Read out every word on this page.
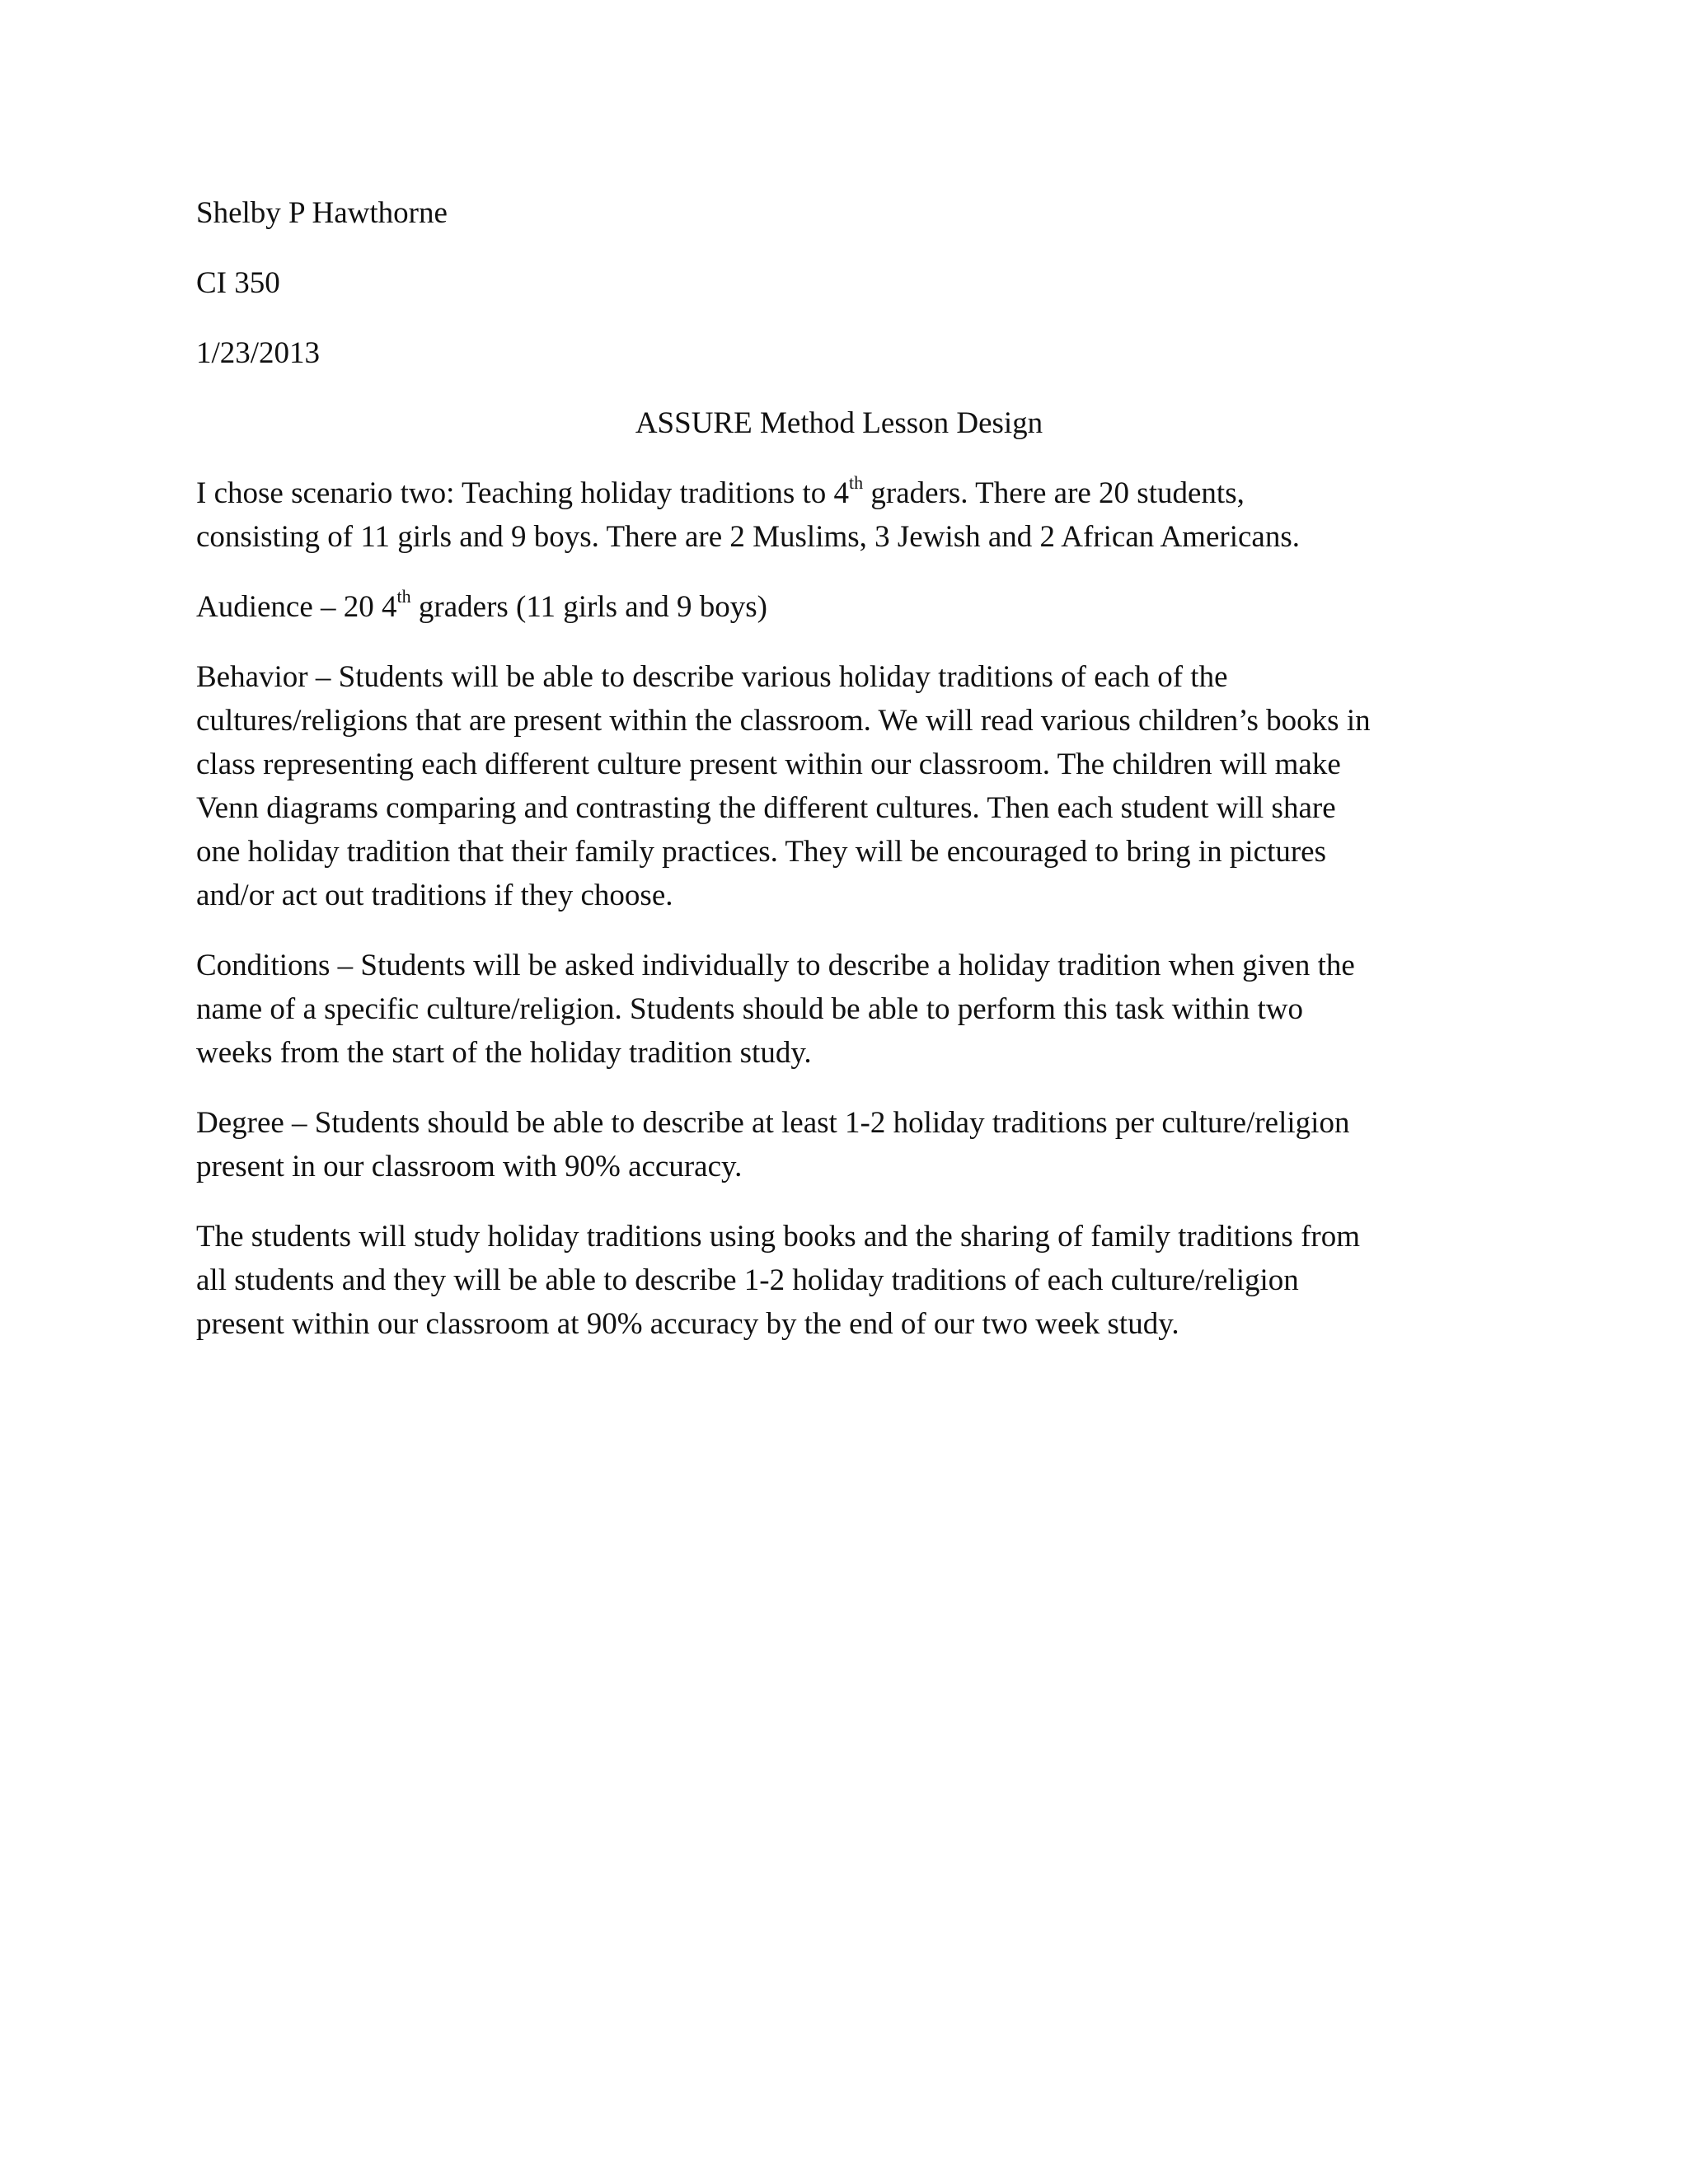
Shelby P Hawthorne
CI 350
1/23/2013
ASSURE Method Lesson Design
I chose scenario two: Teaching holiday traditions to 4th graders. There are 20 students,
consisting of 11 girls and 9 boys. There are 2 Muslims, 3 Jewish and 2 African Americans.
Audience – 20 4th graders (11 girls and 9 boys)
Behavior – Students will be able to describe various holiday traditions of each of the
cultures/religions that are present within the classroom. We will read various children’s books in
class representing each different culture present within our classroom. The children will make
Venn diagrams comparing and contrasting the different cultures. Then each student will share
one holiday tradition that their family practices. They will be encouraged to bring in pictures
and/or act out traditions if they choose.
Conditions – Students will be asked individually to describe a holiday tradition when given the
name of a specific culture/religion. Students should be able to perform this task within two
weeks from the start of the holiday tradition study.
Degree – Students should be able to describe at least 1-2 holiday traditions per culture/religion
present in our classroom with 90% accuracy.
The students will study holiday traditions using books and the sharing of family traditions from
all students and they will be able to describe 1-2 holiday traditions of each culture/religion
present within our classroom at 90% accuracy by the end of our two week study.
